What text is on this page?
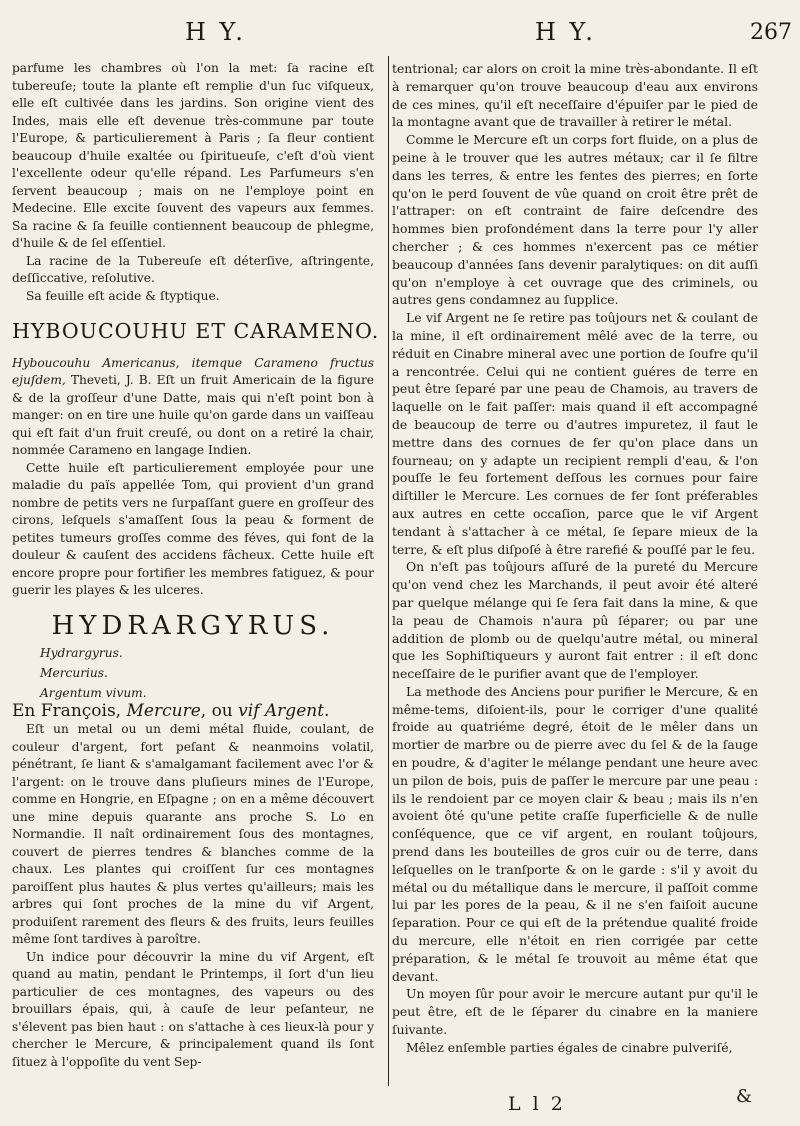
H Y.	H Y.	267

parfume les chambres où l'on la met: ſa racine eſt tubereuſe; toute la plante eſt remplie d'un ſuc viſqueux, elle eſt cultivée dans les jardins. Son origine vient des Indes, mais elle eſt devenue très-commune par toute l'Europe, & particulierement à Paris ; ſa fleur contient beaucoup d'huile exaltée ou ſpiritueuſe, c'eſt d'où vient l'excellente odeur qu'elle répand. Les Parfumeurs s'en ſervent beaucoup ; mais on ne l'employe point en Medecine. Elle excite ſouvent des vapeurs aux femmes. Sa racine & ſa feuille contiennent beaucoup de phlegme, d'huile & de ſel eſſentiel.

La racine de la Tubereuſe eſt déterſive, aſtringente, deſſiccative, reſolutive.

Sa feuille eſt acide & ſtyptique.

HYBOUCOUHU ET CARAMENO.

Hyboucouhu Americanus, itemque Carameno fructus ejuſdem, Theveti, J. B. Eſt un fruit Americain de la figure & de la groſſeur d'une Datte, mais qui n'eſt point bon à manger: on en tire une huile qu'on garde dans un vaiſſeau qui eſt fait d'un fruit creuſé, ou dont on a retiré la chair, nommée Carameno en langage Indien.

Cette huile eſt particulierement employée pour une maladie du païs appellée Tom, qui provient d'un grand nombre de petits vers ne ſurpaſſant guere en groſſeur des cirons, leſquels s'amaſſent ſous la peau & forment de petites tumeurs groſſes comme des féves, qui font de la douleur & cauſent des accidens fâcheux. Cette huile eſt encore propre pour fortifier les membres fatiguez, & pour guerir les playes & les ulceres.

HYDRARGYRUS.
Hydrargyrus.
Mercurius.
Argentum vivum.

En François, Mercure, ou vif Argent.

Eſt un metal ou un demi métal fluide, coulant, de couleur d'argent, fort peſant & neanmoins volatil, pénétrant, ſe liant & s'amalgamant facilement avec l'or & l'argent: on le trouve dans pluſieurs mines de l'Europe, comme en Hongrie, en Eſpagne ; on en a même découvert une mine depuis quarante ans proche S. Lo en Normandie. Il naît ordinairement ſous des montagnes, couvert de pierres tendres & blanches comme de la chaux. Les plantes qui croiſſent ſur ces montagnes paroiſſent plus hautes & plus vertes qu'ailleurs; mais les arbres qui ſont proches de la mine du vif Argent, produiſent rarement des fleurs & des fruits, leurs feuilles même ſont tardives à paroître.

Un indice pour découvrir la mine du vif Argent, eſt quand au matin, pendant le Printemps, il ſort d'un lieu particulier de ces montagnes, des vapeurs ou des brouillars épais, qui, à cauſe de leur peſanteur, ne s'élevent pas bien haut : on s'attache à ces lieux-là pour y chercher le Mercure, & principalement quand ils ſont ſituez à l'oppoſite du vent Sep-

tentrional; car alors on croit la mine très-abondante. Il eſt à remarquer qu'on trouve beaucoup d'eau aux environs de ces mines, qu'il eſt neceſſaire d'épuiſer par le pied de la montagne avant que de travailler à retirer le métal.

Comme le Mercure eſt un corps fort fluide, on a plus de peine à le trouver que les autres métaux; car il ſe filtre dans les terres, & entre les fentes des pierres; en ſorte qu'on le perd ſouvent de vûe quand on croit être prêt de l'attraper: on eſt contraint de faire deſcendre des hommes bien profondément dans la terre pour l'y aller chercher ; & ces hommes n'exercent pas ce métier beaucoup d'années ſans devenir paralytiques: on dit auſſi qu'on n'employe à cet ouvrage que des criminels, ou autres gens condamnez au ſupplice.

Le vif Argent ne ſe retire pas toûjours net & coulant de la mine, il eſt ordinairement mêlé avec de la terre, ou réduit en Cinabre mineral avec une portion de ſoufre qu'il a rencontrée. Celui qui ne contient guéres de terre en peut être ſeparé par une peau de Chamois, au travers de laquelle on le fait paſſer: mais quand il eſt accompagné de beaucoup de terre ou d'autres impuretez, il faut le mettre dans des cornues de fer qu'on place dans un fourneau; on y adapte un recipient rempli d'eau, & l'on pouſſe le feu fortement deſſous les cornues pour faire diſtiller le Mercure. Les cornues de fer ſont préferables aux autres en cette occaſion, parce que le vif Argent tendant à s'attacher à ce métal, ſe ſepare mieux de la terre, & eſt plus diſpoſé à être rarefié & pouſſé par le feu.

On n'eſt pas toûjours aſſuré de la pureté du Mercure qu'on vend chez les Marchands, il peut avoir été alteré par quelque mélange qui ſe ſera fait dans la mine, & que la peau de Chamois n'aura pû ſéparer; ou par une addition de plomb ou de quelqu'autre métal, ou mineral que les Sophiſtiqueurs y auront fait entrer : il eſt donc neceſſaire de le purifier avant que de l'employer.

La methode des Anciens pour purifier le Mercure, & en même-tems, diſoient-ils, pour le corriger d'une qualité froide au quatriéme degré, étoit de le mêler dans un mortier de marbre ou de pierre avec du ſel & de la ſauge en poudre, & d'agiter le mélange pendant une heure avec un pilon de bois, puis de paſſer le mercure par une peau : ils le rendoient par ce moyen clair & beau ; mais ils n'en avoient ôté qu'une petite craſſe ſuperficielle & de nulle conſéquence, que ce vif argent, en roulant toûjours, prend dans les bouteilles de gros cuir ou de terre, dans leſquelles on le tranſporte & on le garde : s'il y avoit du métal ou du métallique dans le mercure, il paſſoit comme lui par les pores de la peau, & il ne s'en faiſoit aucune ſeparation. Pour ce qui eſt de la prétendue qualité froide du mercure, elle n'étoit en rien corrigée par cette préparation, & le métal ſe trouvoit au même état que devant.

Un moyen ſûr pour avoir le mercure autant pur qu'il le peut être, eſt de le ſéparer du cinabre en la maniere ſuivante.

Mêlez enſemble parties égales de cinabre pulveriſé,

L l 2	&
